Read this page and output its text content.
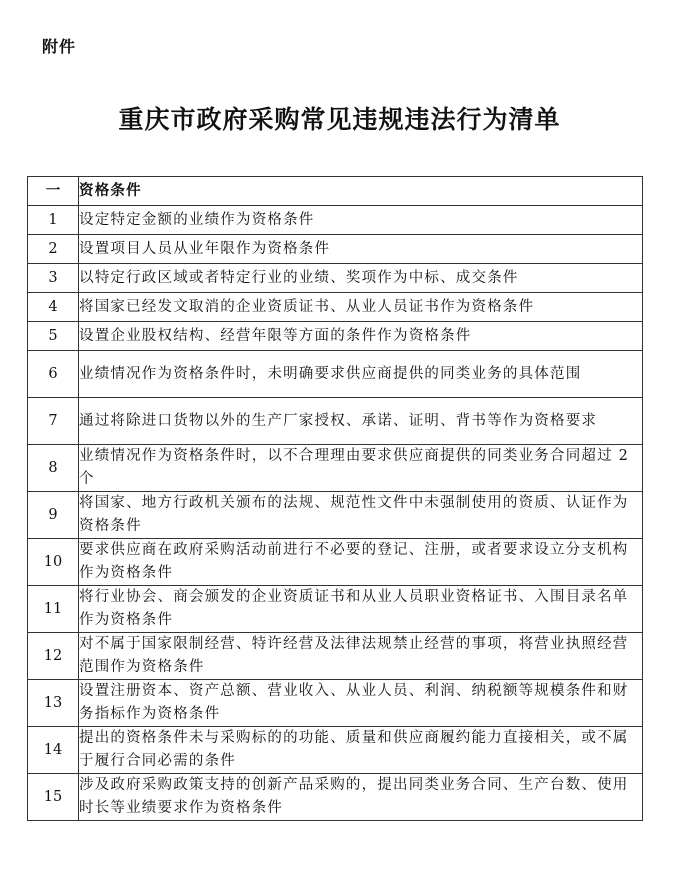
附件
重庆市政府采购常见违规违法行为清单
一	资格条件
1	设定特定金额的业绩作为资格条件
2	设置项目人员从业年限作为资格条件
3	以特定行政区域或者特定行业的业绩、奖项作为中标、成交条件
4	将国家已经发文取消的企业资质证书、从业人员证书作为资格条件
5	设置企业股权结构、经营年限等方面的条件作为资格条件
6	业绩情况作为资格条件时，未明确要求供应商提供的同类业务的具体范围
7	通过将除进口货物以外的生产厂家授权、承诺、证明、背书等作为资格要求
8	业绩情况作为资格条件时，以不合理理由要求供应商提供的同类业务合同超过 2 个
9	将国家、地方行政机关颁布的法规、规范性文件中未强制使用的资质、认证作为资格条件
10	要求供应商在政府采购活动前进行不必要的登记、注册，或者要求设立分支机构作为资格条件
11	将行业协会、商会颁发的企业资质证书和从业人员职业资格证书、入围目录名单作为资格条件
12	对不属于国家限制经营、特许经营及法律法规禁止经营的事项，将营业执照经营范围作为资格条件
13	设置注册资本、资产总额、营业收入、从业人员、利润、纳税额等规模条件和财务指标作为资格条件
14	提出的资格条件未与采购标的的功能、质量和供应商履约能力直接相关，或不属于履行合同必需的条件
15	涉及政府采购政策支持的创新产品采购的，提出同类业务合同、生产台数、使用时长等业绩要求作为资格条件
